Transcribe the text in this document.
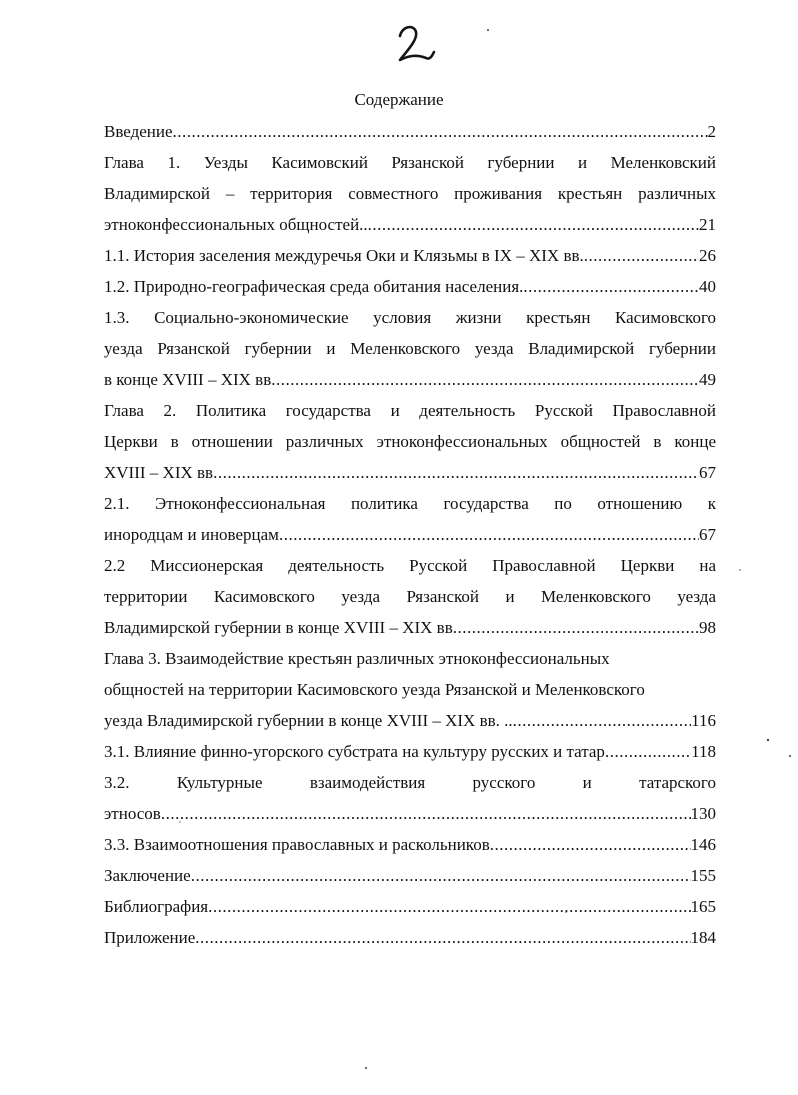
Содержание
Введение .....	2
Глава 1. Уезды Касимовский Рязанской губернии и Меленковский
Владимирской – территория совместного проживания крестьян различных
этноконфессиональных общностей.. .....	21
1.1. История заселения междуречья Оки и Клязьмы в IX – XIX вв. .....	26
1.2. Природно-географическая среда обитания населения. .....	40
1.3. Социально-экономические условия жизни крестьян Касимовского
уезда Рязанской губернии и Меленковского уезда Владимирской губернии
в конце XVIII – XIX вв .....	49
Глава 2. Политика государства и деятельность Русской Православной
Церкви в отношении различных этноконфессиональных общностей в конце
XVIII – XIX вв .....	67
2.1. Этноконфессиональная политика государства по отношению к
инородцам и иноверцам .....	67
2.2 Миссионерская деятельность Русской Православной Церкви на
территории Касимовского уезда Рязанской и Меленковского уезда
Владимирской губернии в конце XVIII – XIX вв .....	98
Глава 3. Взаимодействие крестьян различных этноконфессиональных
общностей на территории Касимовского уезда Рязанской и Меленковского
уезда Владимирской губернии в конце XVIII – XIX вв. .. .....	116
3.1. Влияние финно-угорского субстрата на культуру русских и татар .....	118
3.2. Культурные взаимодействия русского и татарского
этносов .....	130
3.3. Взаимоотношения православных и раскольников .....	146
Заключение .....	155
Библиография .....	165
Приложение .....	184
